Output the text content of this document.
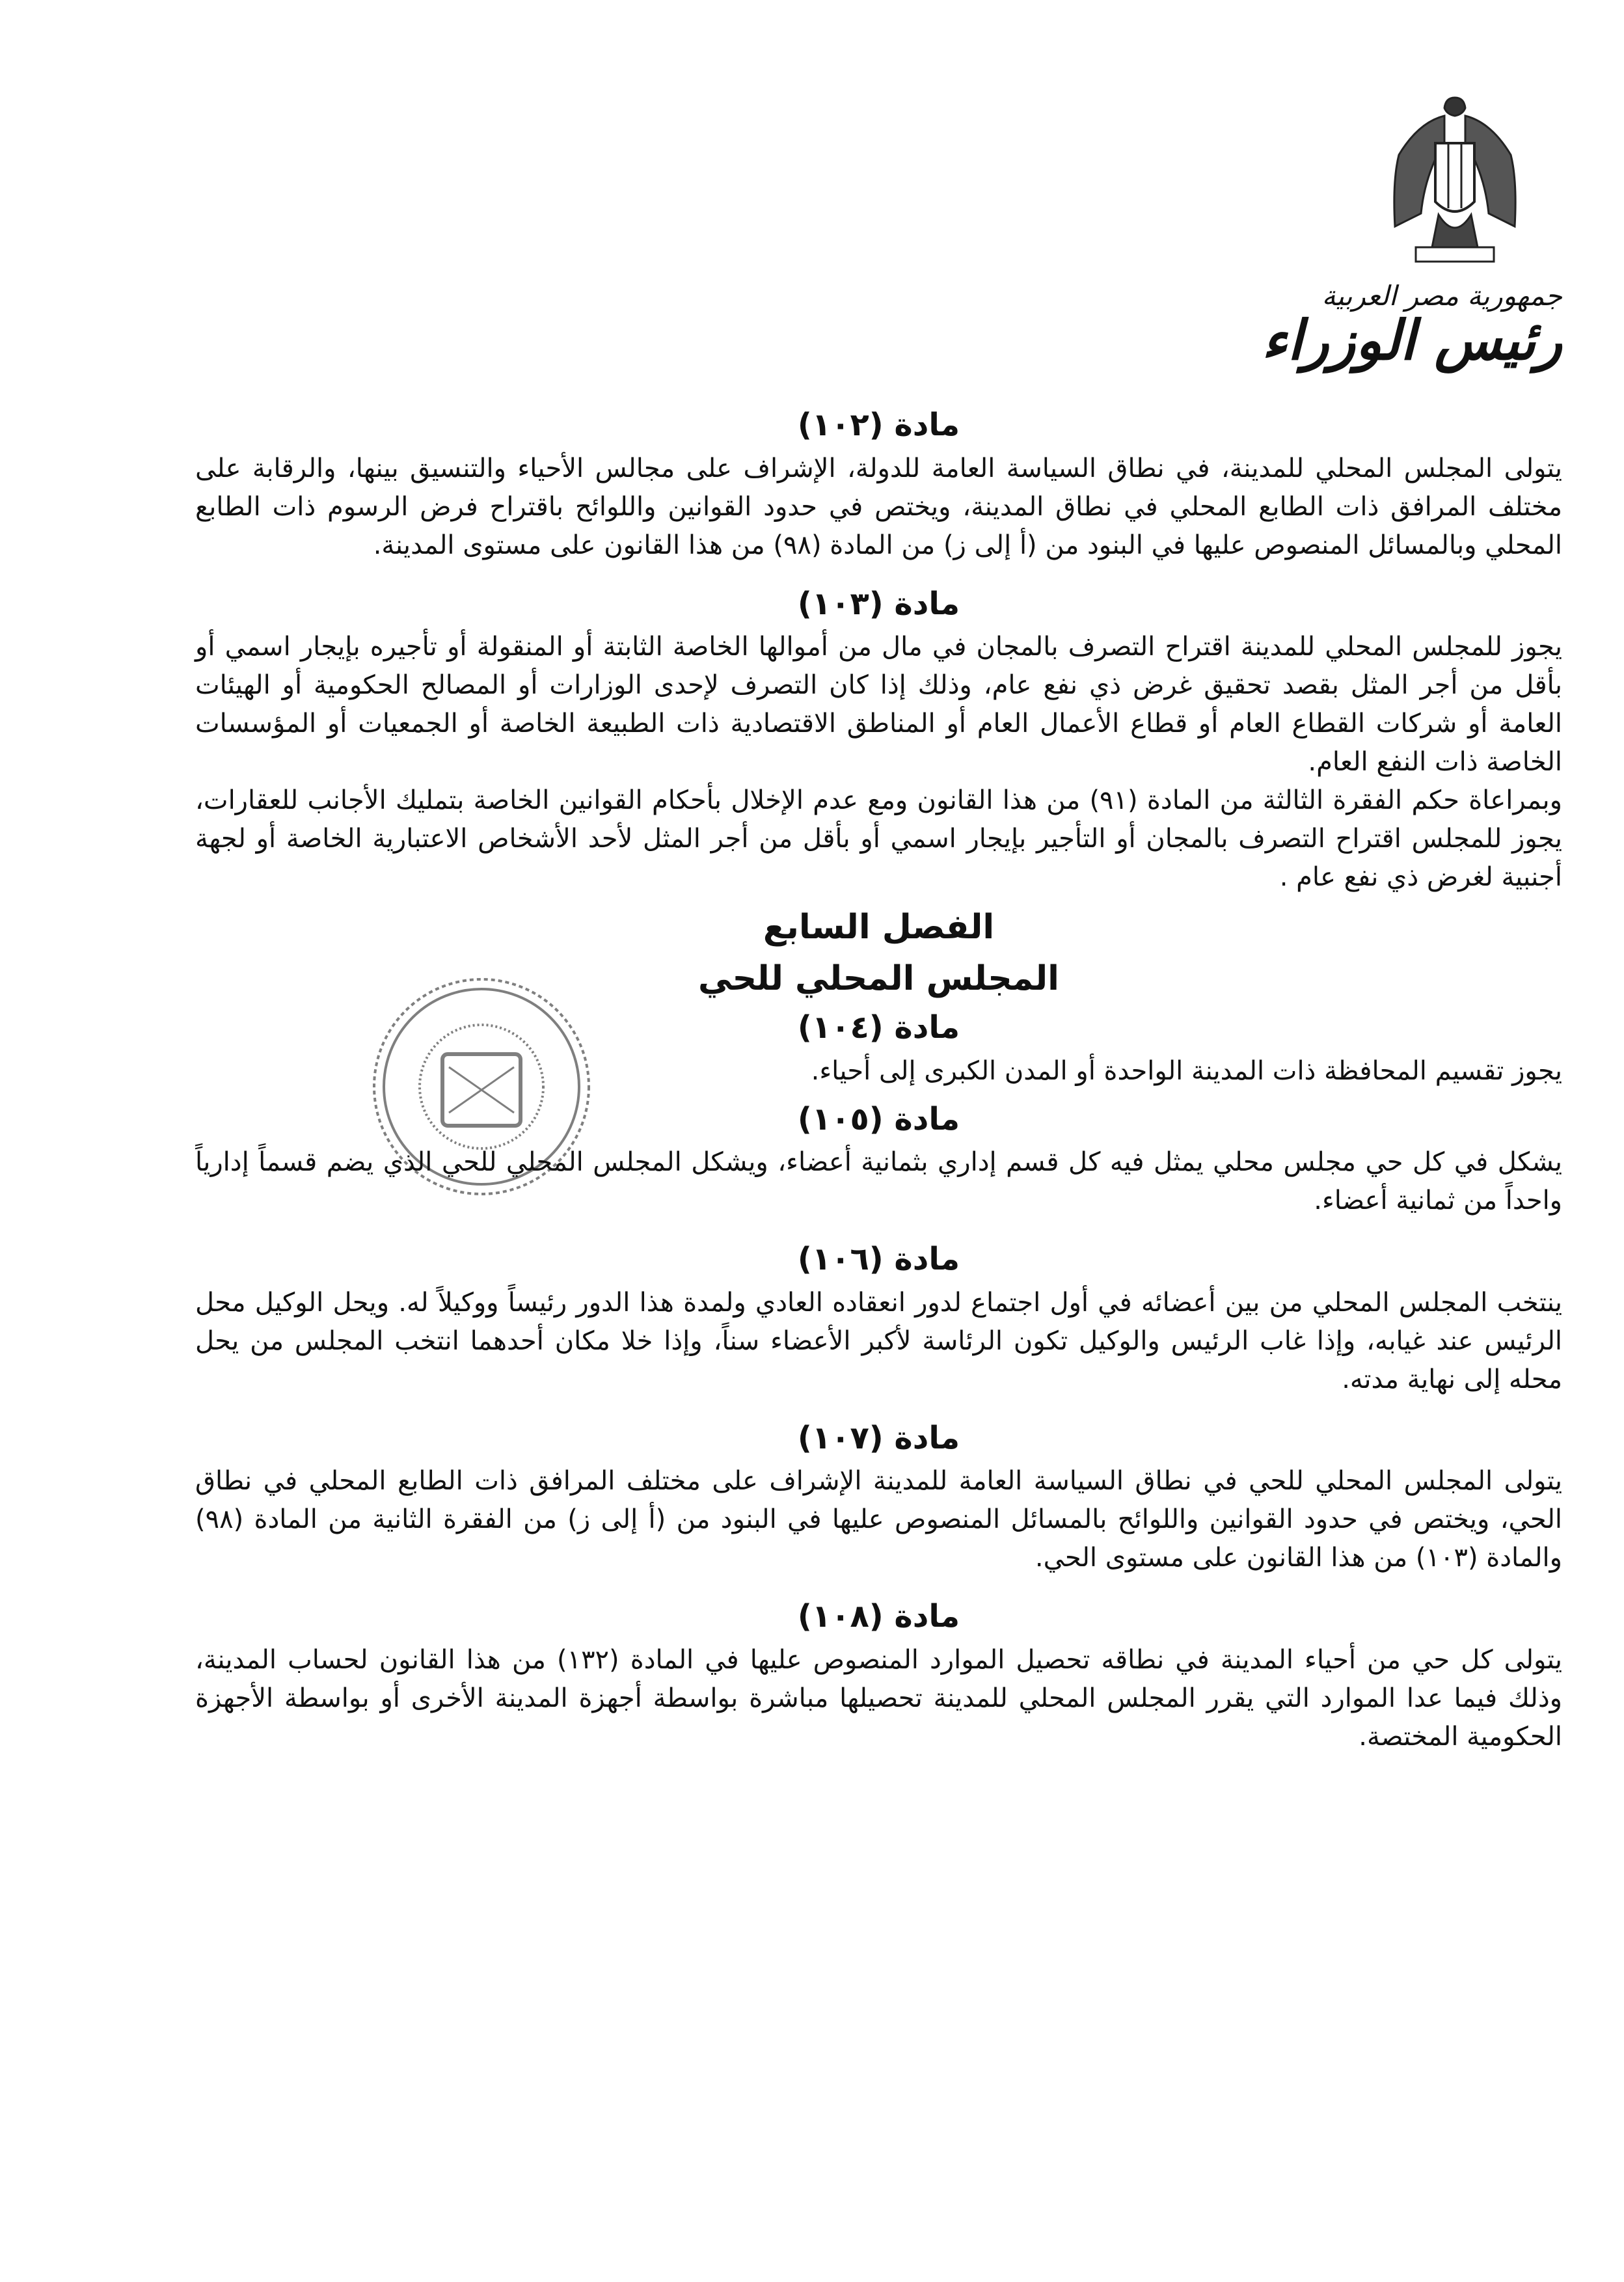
جمهورية مصر العربية
رئيس الوزراء
مادة (١٠٢)

يتولى المجلس المحلي للمدينة، في نطاق السياسة العامة للدولة، الإشراف على مجالس الأحياء والتنسيق بينها، والرقابة على مختلف المرافق ذات الطابع المحلي في نطاق المدينة، ويختص في حدود القوانين واللوائح باقتراح فرض الرسوم ذات الطابع المحلي وبالمسائل المنصوص عليها في البنود من (أ إلى ز) من المادة (٩٨) من هذا القانون على مستوى المدينة.

مادة (١٠٣)

يجوز للمجلس المحلي للمدينة اقتراح التصرف بالمجان في مال من أموالها الخاصة الثابتة أو المنقولة أو تأجيره بإيجار اسمي أو بأقل من أجر المثل بقصد تحقيق غرض ذي نفع عام، وذلك إذا كان التصرف لإحدى الوزارات أو المصالح الحكومية أو الهيئات العامة أو شركات القطاع العام أو قطاع الأعمال العام أو المناطق الاقتصادية ذات الطبيعة الخاصة أو الجمعيات أو المؤسسات الخاصة ذات النفع العام.

وبمراعاة حكم الفقرة الثالثة من المادة (٩١) من هذا القانون ومع عدم الإخلال بأحكام القوانين الخاصة بتمليك الأجانب للعقارات، يجوز للمجلس اقتراح التصرف بالمجان أو التأجير بإيجار اسمي أو بأقل من أجر المثل لأحد الأشخاص الاعتبارية الخاصة أو لجهة أجنبية لغرض ذي نفع عام .

الفصل السابع
المجلس المحلي للحي
مادة (١٠٤)

يجوز تقسيم المحافظة ذات المدينة الواحدة أو المدن الكبرى إلى أحياء.

مادة (١٠٥)

يشكل في كل حي مجلس محلي يمثل فيه كل قسم إداري بثمانية أعضاء، ويشكل المجلس المحلي للحي الذي يضم قسماً إدارياً واحداً من ثمانية أعضاء.

مادة (١٠٦)

ينتخب المجلس المحلي من بين أعضائه في أول اجتماع لدور انعقاده العادي ولمدة هذا الدور رئيساً ووكيلاً له. ويحل الوكيل محل الرئيس عند غيابه، وإذا غاب الرئيس والوكيل تكون الرئاسة لأكبر الأعضاء سناً، وإذا خلا مكان أحدهما انتخب المجلس من يحل محله إلى نهاية مدته.

مادة (١٠٧)

يتولى المجلس المحلي للحي في نطاق السياسة العامة للمدينة الإشراف على مختلف المرافق ذات الطابع المحلي في نطاق الحي، ويختص في حدود القوانين واللوائح بالمسائل المنصوص عليها في البنود من (أ إلى ز) من الفقرة الثانية من المادة (٩٨) والمادة (١٠٣) من هذا القانون على مستوى الحي.

مادة (١٠٨)

يتولى كل حي من أحياء المدينة في نطاقه تحصيل الموارد المنصوص عليها في المادة (١٣٢) من هذا القانون لحساب المدينة، وذلك فيما عدا الموارد التي يقرر المجلس المحلي للمدينة تحصيلها مباشرة بواسطة أجهزة المدينة الأخرى أو بواسطة الأجهزة الحكومية المختصة.
